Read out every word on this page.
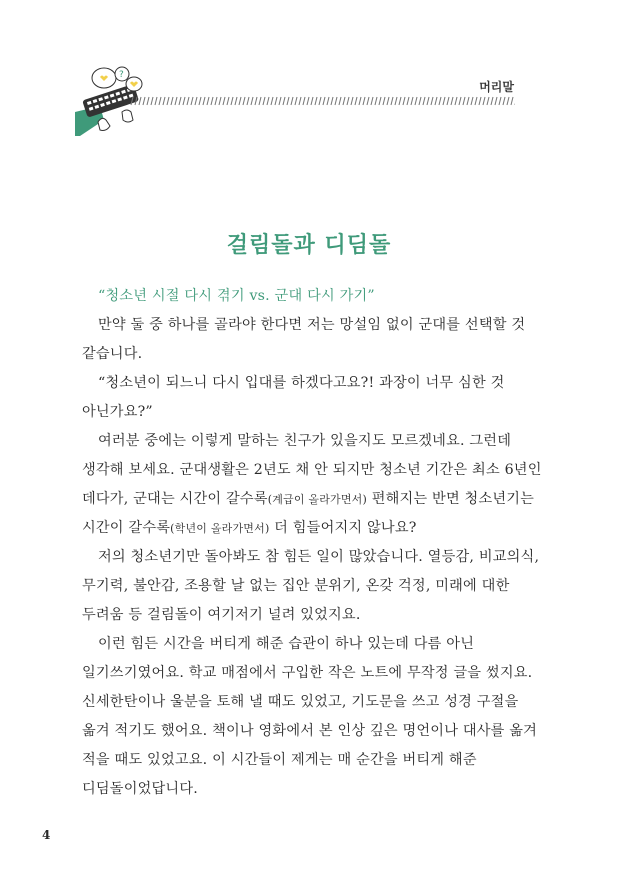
?
머리말
걸림돌과 디딤돌

“청소년 시절 다시 겪기 vs. 군대 다시 가기”

만약 둘 중 하나를 골라야 한다면 저는 망설임 없이 군대를 선택할 것 같습니다.

“청소년이 되느니 다시 입대를 하겠다고요?! 과장이 너무 심한 것 아닌가요?”

여러분 중에는 이렇게 말하는 친구가 있을지도 모르겠네요. 그런데 생각해 보세요. 군대생활은 2년도 채 안 되지만 청소년 기간은 최소 6년인 데다가, 군대는 시간이 갈수록(계급이 올라가면서) 편해지는 반면 청소년기는 시간이 갈수록(학년이 올라가면서) 더 힘들어지지 않나요?

저의 청소년기만 돌아봐도 참 힘든 일이 많았습니다. 열등감, 비교의식, 무기력, 불안감, 조용할 날 없는 집안 분위기, 온갖 걱정, 미래에 대한 두려움 등 걸림돌이 여기저기 널려 있었지요.

이런 힘든 시간을 버티게 해준 습관이 하나 있는데 다름 아닌 일기쓰기였어요. 학교 매점에서 구입한 작은 노트에 무작정 글을 썼지요. 신세한탄이나 울분을 토해 낼 때도 있었고, 기도문을 쓰고 성경 구절을 옮겨 적기도 했어요. 책이나 영화에서 본 인상 깊은 명언이나 대사를 옮겨 적을 때도 있었고요. 이 시간들이 제게는 매 순간을 버티게 해준 디딤돌이었답니다.

4
